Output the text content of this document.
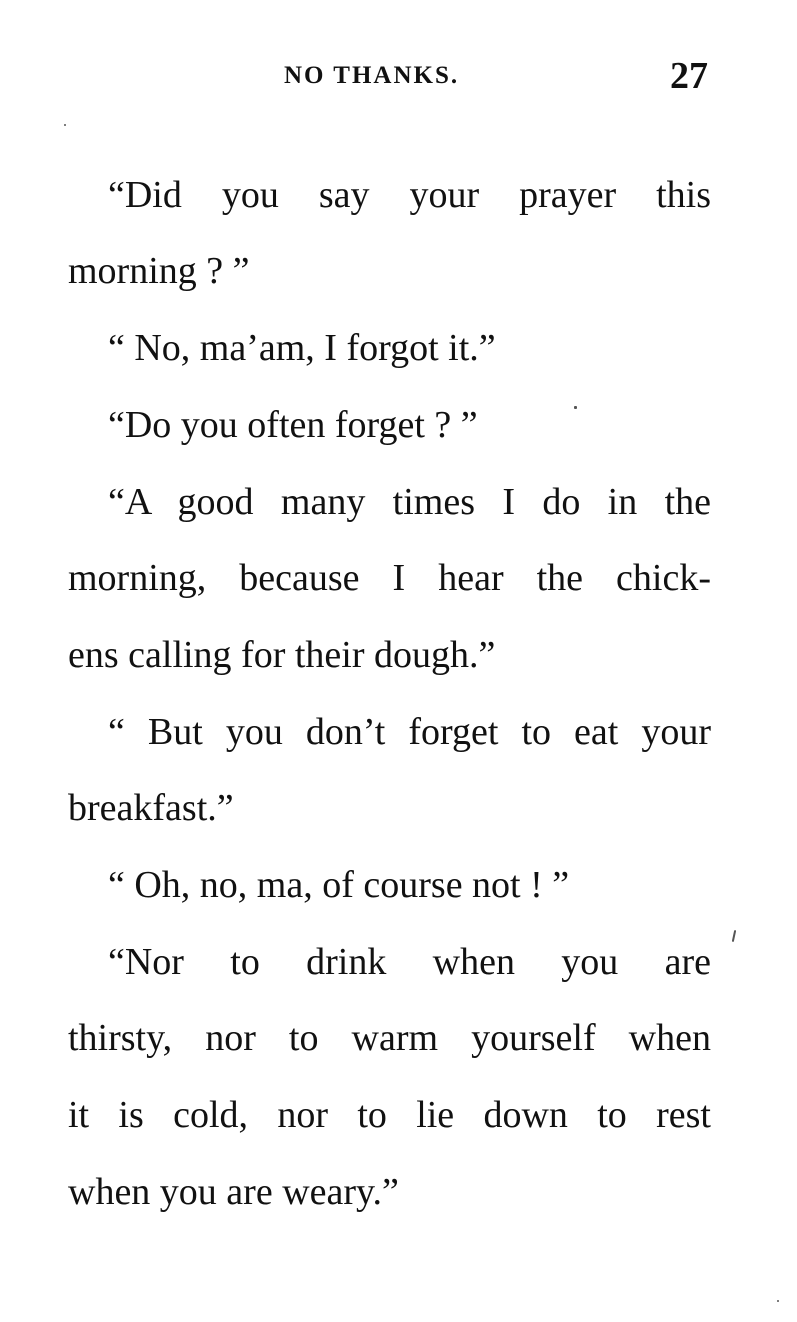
NO THANKS.	27
“Did you say your prayer this
morning ? ”
“ No, ma’am, I forgot it.”
“Do you often forget ? ”
“A good many times I do in the
morning, because I hear the chick-
ens calling for their dough.”
“ But you don’t forget to eat your
breakfast.”
“ Oh, no, ma, of course not ! ”
“Nor to drink when you are
thirsty, nor to warm yourself when
it is cold, nor to lie down to rest
when you are weary.”
